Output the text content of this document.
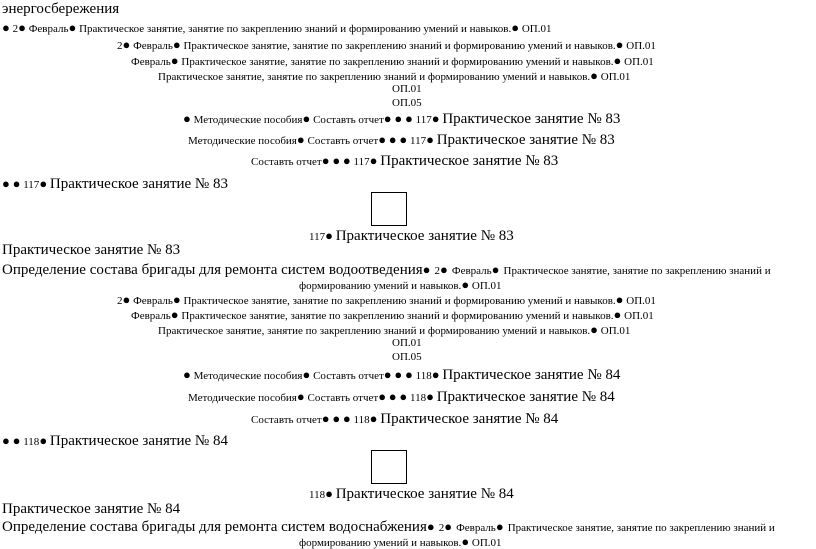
энергосбережения
● 2● Февраль● Практическое занятие, занятие по закреплению знаний и формированию умений и навыков.● ОП.01
2● Февраль● Практическое занятие, занятие по закреплению знаний и формированию умений и навыков.● ОП.01
Февраль● Практическое занятие, занятие по закреплению знаний и формированию умений и навыков.● ОП.01
Практическое занятие, занятие по закреплению знаний и формированию умений и навыков.● ОП.01
ОП.01
ОП.05
● Методические пособия● Составть отчет● ● ● 117● Практическое занятие № 83
Методические пособия● Составть отчет● ● ● 117● Практическое занятие № 83
Составть отчет● ● ● 117● Практическое занятие № 83
● ● 117● Практическое занятие № 83
117● Практическое занятие № 83
Практическое занятие № 83
Определение состава бригады для ремонта систем водоотведения● 2● Февраль● Практическое занятие, занятие по закреплению знаний и
формированию умений и навыков.● ОП.01
2● Февраль● Практическое занятие, занятие по закреплению знаний и формированию умений и навыков.● ОП.01
Февраль● Практическое занятие, занятие по закреплению знаний и формированию умений и навыков.● ОП.01
Практическое занятие, занятие по закреплению знаний и формированию умений и навыков.● ОП.01
ОП.01
ОП.05
● Методические пособия● Составть отчет● ● ● 118● Практическое занятие № 84
Методические пособия● Составть отчет● ● ● 118● Практическое занятие № 84
Составть отчет● ● ● 118● Практическое занятие № 84
● ● 118● Практическое занятие № 84
118● Практическое занятие № 84
Практическое занятие № 84
Определение состава бригады для ремонта систем водоснабжения● 2● Февраль● Практическое занятие, занятие по закреплению знаний и
формированию умений и навыков.● ОП.01
